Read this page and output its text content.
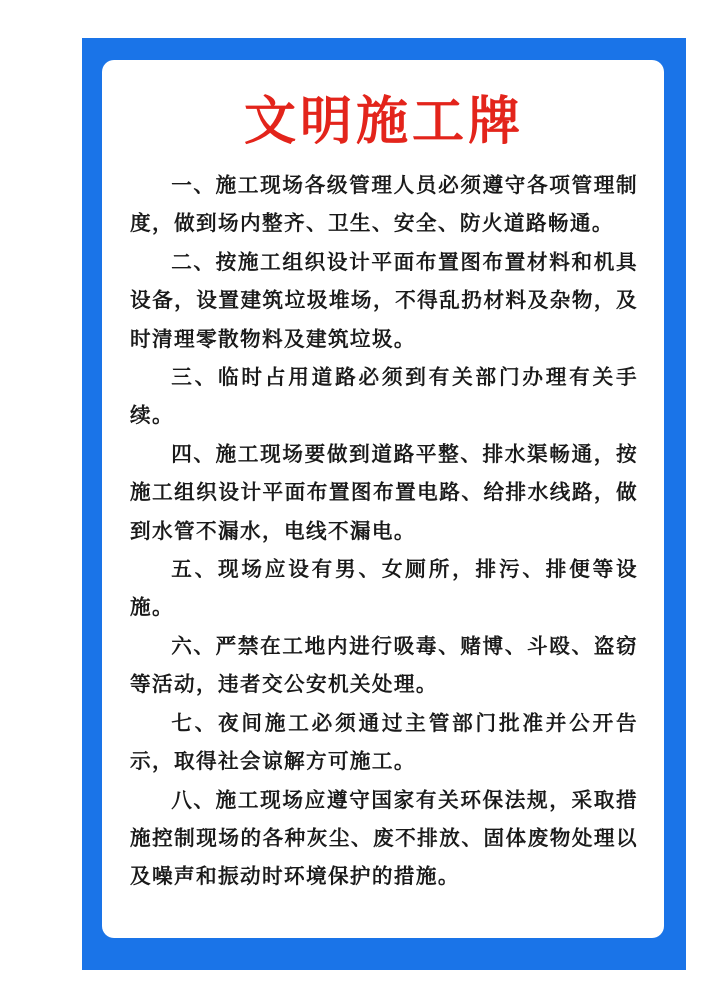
文明施工牌

一、施工现场各级管理人员必须遵守各项管理制度，做到场内整齐、卫生、安全、防火道路畅通。

二、按施工组织设计平面布置图布置材料和机具设备，设置建筑垃圾堆场，不得乱扔材料及杂物，及时清理零散物料及建筑垃圾。

三、临时占用道路必须到有关部门办理有关手续。

四、施工现场要做到道路平整、排水渠畅通，按施工组织设计平面布置图布置电路、给排水线路，做到水管不漏水，电线不漏电。

五、现场应设有男、女厕所，排污、排便等设施。

六、严禁在工地内进行吸毒、赌博、斗殴、盗窃等活动，违者交公安机关处理。

七、夜间施工必须通过主管部门批准并公开告示，取得社会谅解方可施工。

八、施工现场应遵守国家有关环保法规，采取措施控制现场的各种灰尘、废不排放、固体废物处理以及噪声和振动时环境保护的措施。
